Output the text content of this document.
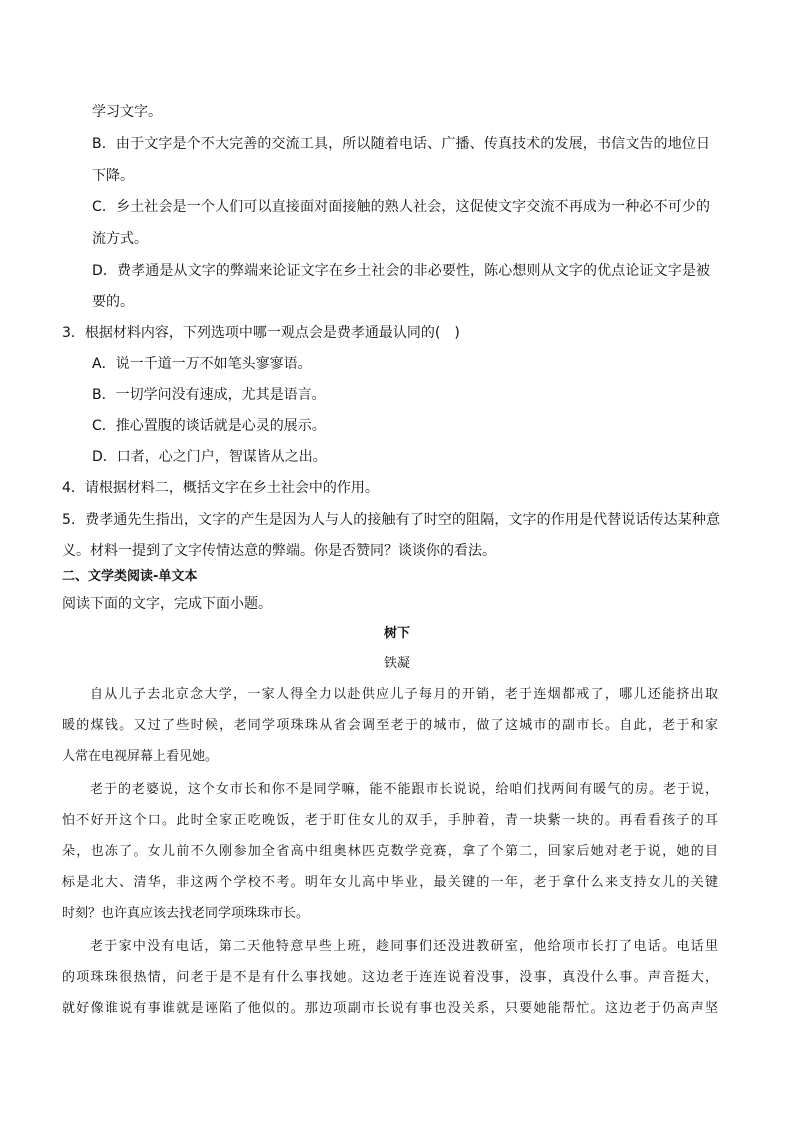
学习文字。

B．由于文字是个不大完善的交流工具，所以随着电话、广播、传真技术的发展，书信文告的地位日

下降。

C．乡土社会是一个人们可以直接面对面接触的熟人社会，这促使文字交流不再成为一种必不可少的

流方式。

D．费孝通是从文字的弊端来论证文字在乡土社会的非必要性，陈心想则从文字的优点论证文字是被

要的。

3．根据材料内容，下列选项中哪一观点会是费孝通最认同的(　)

A．说一千道一万不如笔头寥寥语。

B．一切学问没有速成，尤其是语言。

C．推心置腹的谈话就是心灵的展示。

D．口者，心之门户，智谋皆从之出。

4．请根据材料二，概括文字在乡土社会中的作用。

5．费孝通先生指出，文字的产生是因为人与人的接触有了时空的阻隔，文字的作用是代替说话传达某种意

义。材料一提到了文字传情达意的弊端。你是否赞同？谈谈你的看法。

二、文学类阅读-单文本

阅读下面的文字，完成下面小题。

树下

铁凝

自从儿子去北京念大学，一家人得全力以赴供应儿子每月的开销，老于连烟都戒了，哪儿还能挤出取

暖的煤钱。又过了些时候，老同学项珠珠从省会调至老于的城市，做了这城市的副市长。自此，老于和家

人常在电视屏幕上看见她。

老于的老婆说，这个女市长和你不是同学嘛，能不能跟市长说说，给咱们找两间有暖气的房。老于说，

怕不好开这个口。此时全家正吃晚饭，老于盯住女儿的双手，手肿着，青一块紫一块的。再看看孩子的耳

朵，也冻了。女儿前不久刚参加全省高中组奥林匹克数学竞赛，拿了个第二，回家后她对老于说，她的目

标是北大、清华，非这两个学校不考。明年女儿高中毕业，最关键的一年，老于拿什么来支持女儿的关键

时刻？也许真应该去找老同学项珠珠市长。

老于家中没有电话，第二天他特意早些上班，趁同事们还没进教研室，他给项市长打了电话。电话里

的项珠珠很热情，问老于是不是有什么事找她。这边老于连连说着没事，没事，真没什么事。声音挺大，

就好像谁说有事谁就是诬陷了他似的。那边项副市长说有事也没关系，只要她能帮忙。这边老于仍高声坚
